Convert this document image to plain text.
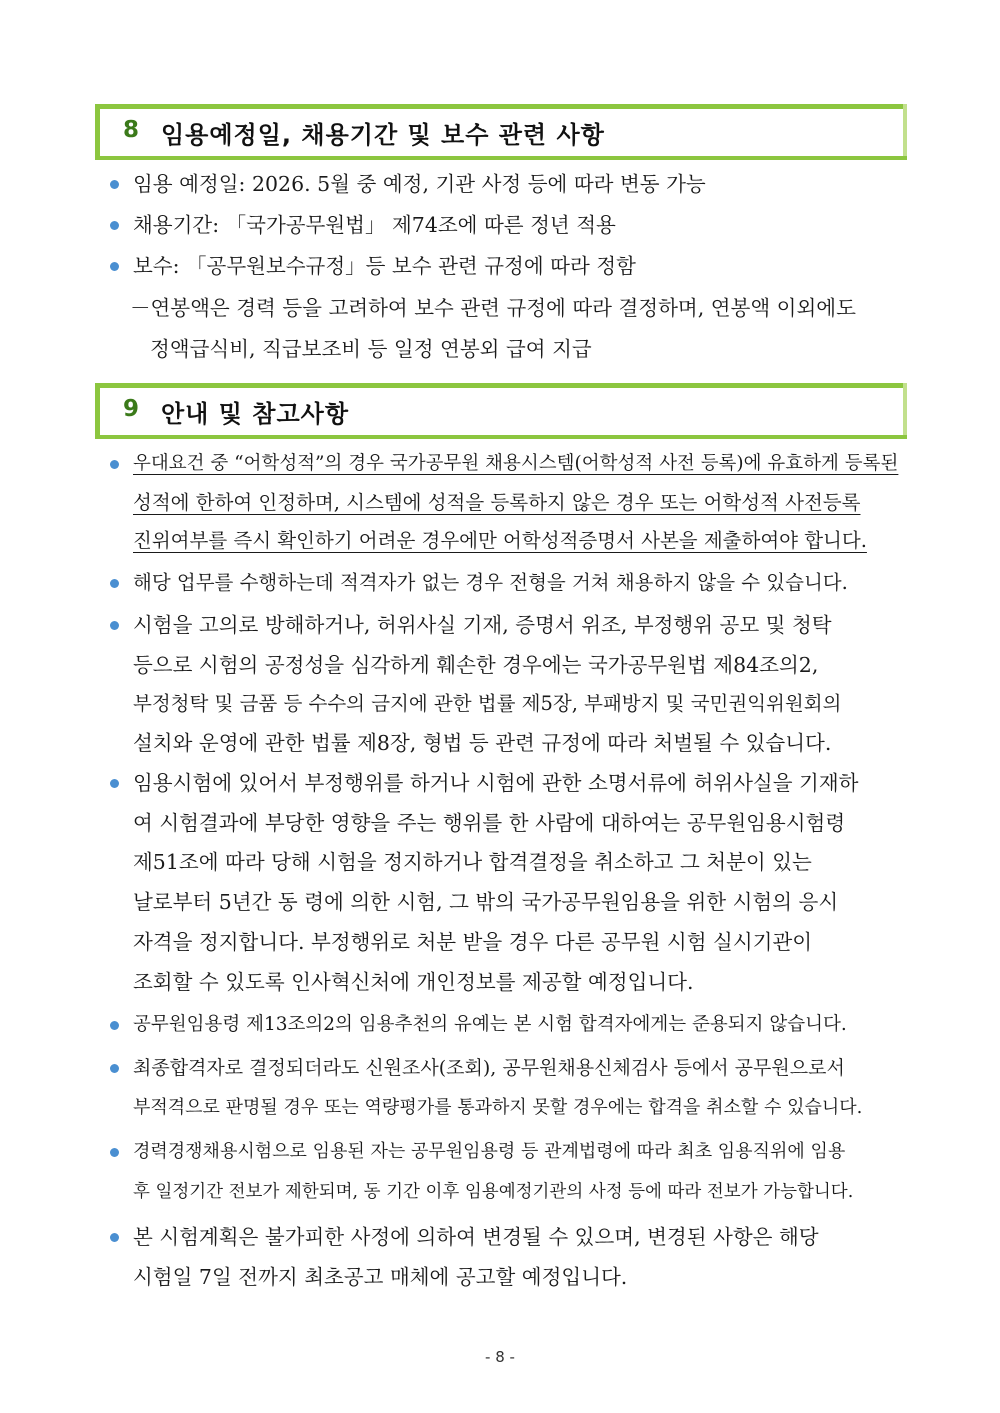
8 임용예정일, 채용기간 및 보수 관련 사항
임용 예정일: 2026. 5월 중 예정, 기관 사정 등에 따라 변동 가능
채용기간: 「국가공무원법」 제74조에 따른 정년 적용
보수: 「공무원보수규정」등 보수 관련 규정에 따라 정함
－연봉액은 경력 등을 고려하여 보수 관련 규정에 따라 결정하며, 연봉액 이외에도
정액급식비, 직급보조비 등 일정 연봉외 급여 지급
9 안내 및 참고사항
우대요건 중 “어학성적”의 경우 국가공무원 채용시스템(어학성적 사전 등록)에 유효하게 등록된
성적에 한하여 인정하며, 시스템에 성적을 등록하지 않은 경우 또는 어학성적 사전등록
진위여부를 즉시 확인하기 어려운 경우에만 어학성적증명서 사본을 제출하여야 합니다.
해당 업무를 수행하는데 적격자가 없는 경우 전형을 거쳐 채용하지 않을 수 있습니다.
시험을 고의로 방해하거나, 허위사실 기재, 증명서 위조, 부정행위 공모 및 청탁
등으로 시험의 공정성을 심각하게 훼손한 경우에는 국가공무원법 제84조의2,
부정청탁 및 금품 등 수수의 금지에 관한 법률 제5장, 부패방지 및 국민권익위원회의
설치와 운영에 관한 법률 제8장, 형법 등 관련 규정에 따라 처벌될 수 있습니다.
임용시험에 있어서 부정행위를 하거나 시험에 관한 소명서류에 허위사실을 기재하
여 시험결과에 부당한 영향을 주는 행위를 한 사람에 대하여는 공무원임용시험령
제51조에 따라 당해 시험을 정지하거나 합격결정을 취소하고 그 처분이 있는
날로부터 5년간 동 령에 의한 시험, 그 밖의 국가공무원임용을 위한 시험의 응시
자격을 정지합니다. 부정행위로 처분 받을 경우 다른 공무원 시험 실시기관이
조회할 수 있도록 인사혁신처에 개인정보를 제공할 예정입니다.
공무원임용령 제13조의2의 임용추천의 유예는 본 시험 합격자에게는 준용되지 않습니다.
최종합격자로 결정되더라도 신원조사(조회), 공무원채용신체검사 등에서 공무원으로서
부적격으로 판명될 경우 또는 역량평가를 통과하지 못할 경우에는 합격을 취소할 수 있습니다.
경력경쟁채용시험으로 임용된 자는 공무원임용령 등 관계법령에 따라 최초 임용직위에 임용
후 일정기간 전보가 제한되며, 동 기간 이후 임용예정기관의 사정 등에 따라 전보가 가능합니다.
본 시험계획은 불가피한 사정에 의하여 변경될 수 있으며, 변경된 사항은 해당
시험일 7일 전까지 최초공고 매체에 공고할 예정입니다.
- 8 -
